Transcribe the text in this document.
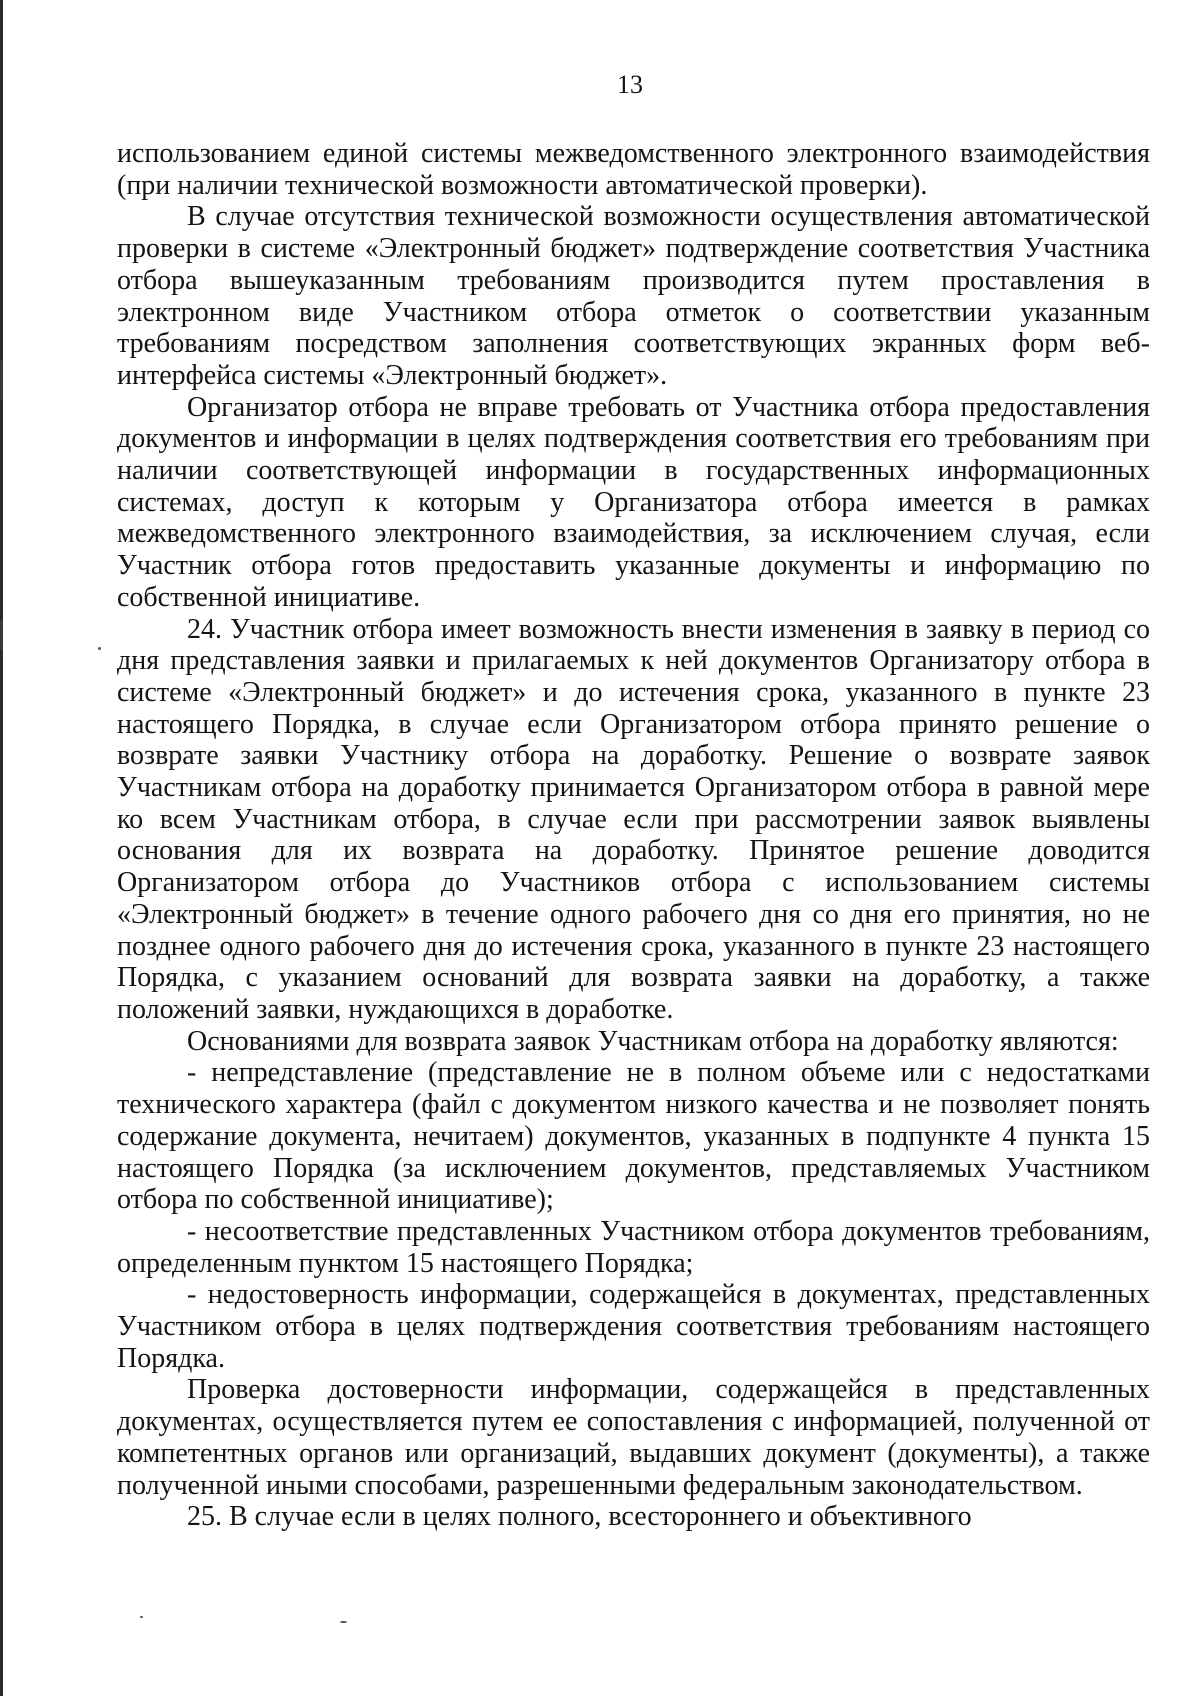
13

использованием единой системы межведомственного электронного взаимодействия (при наличии технической возможности автоматической проверки).

В случае отсутствия технической возможности осуществления автоматической проверки в системе «Электронный бюджет» подтверждение соответствия Участника отбора вышеуказанным требованиям производится путем проставления в электронном виде Участником отбора отметок о соответствии указанным требованиям посредством заполнения соответствующих экранных форм веб-интерфейса системы «Электронный бюджет».

Организатор отбора не вправе требовать от Участника отбора предоставления документов и информации в целях подтверждения соответствия его требованиям при наличии соответствующей информации в государственных информационных системах, доступ к которым у Организатора отбора имеется в рамках межведомственного электронного взаимодействия, за исключением случая, если Участник отбора готов предоставить указанные документы и информацию по собственной инициативе.

24. Участник отбора имеет возможность внести изменения в заявку в период со дня представления заявки и прилагаемых к ней документов Организатору отбора в системе «Электронный бюджет» и до истечения срока, указанного в пункте 23 настоящего Порядка, в случае если Организатором отбора принято решение о возврате заявки Участнику отбора на доработку. Решение о возврате заявок Участникам отбора на доработку принимается Организатором отбора в равной мере ко всем Участникам отбора, в случае если при рассмотрении заявок выявлены основания для их возврата на доработку. Принятое решение доводится Организатором отбора до Участников отбора с использованием системы «Электронный бюджет» в течение одного рабочего дня со дня его принятия, но не позднее одного рабочего дня до истечения срока, указанного в пункте 23 настоящего Порядка, с указанием оснований для возврата заявки на доработку, а также положений заявки, нуждающихся в доработке.

Основаниями для возврата заявок Участникам отбора на доработку являются:

- непредставление (представление не в полном объеме или с недостатками технического характера (файл с документом низкого качества и не позволяет понять содержание документа, нечитаем) документов, указанных в подпункте 4 пункта 15 настоящего Порядка (за исключением документов, представляемых Участником отбора по собственной инициативе);

- несоответствие представленных Участником отбора документов требованиям, определенным пунктом 15 настоящего Порядка;

- недостоверность информации, содержащейся в документах, представленных Участником отбора в целях подтверждения соответствия требованиям настоящего Порядка.

Проверка достоверности информации, содержащейся в представленных документах, осуществляется путем ее сопоставления с информацией, полученной от компетентных органов или организаций, выдавших документ (документы), а также полученной иными способами, разрешенными федеральным законодательством.

25. В случае если в целях полного, всестороннего и объективного
